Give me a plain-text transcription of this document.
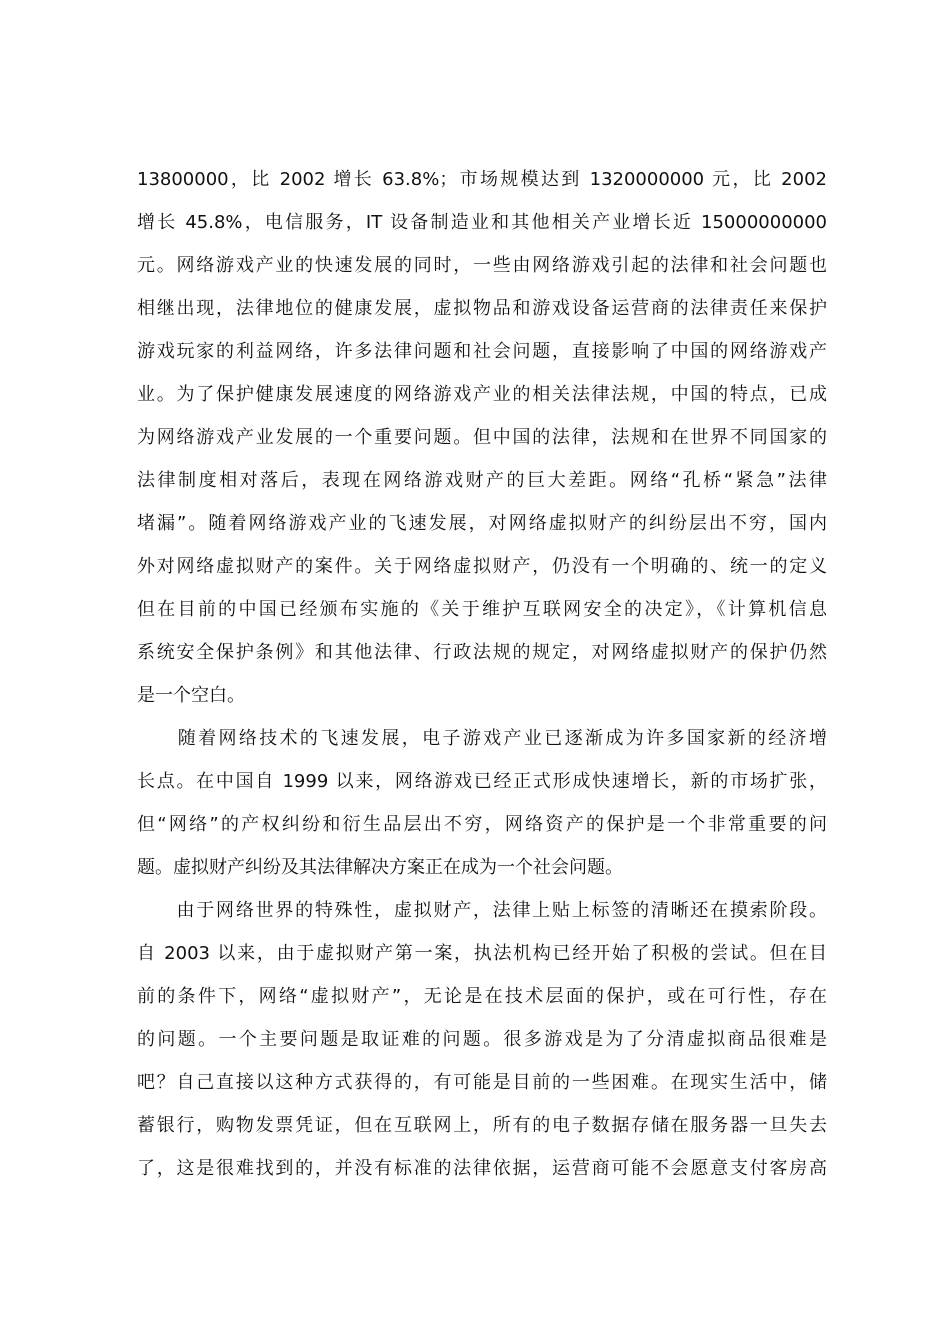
13800000，比 2002 增长 63.8%；市场规模达到 1320000000 元，比 2002
增长 45.8%，电信服务，IT 设备制造业和其他相关产业增长近 15000000000
元。网络游戏产业的快速发展的同时，一些由网络游戏引起的法律和社会问题也
相继出现，法律地位的健康发展，虚拟物品和游戏设备运营商的法律责任来保护
游戏玩家的利益网络，许多法律问题和社会问题，直接影响了中国的网络游戏产
业。为了保护健康发展速度的网络游戏产业的相关法律法规，中国的特点，已成
为网络游戏产业发展的一个重要问题。但中国的法律，法规和在世界不同国家的
法律制度相对落后，表现在网络游戏财产的巨大差距。网络“孔桥“紧急”法律
堵漏”。随着网络游戏产业的飞速发展，对网络虚拟财产的纠纷层出不穷，国内
外对网络虚拟财产的案件。关于网络虚拟财产，仍没有一个明确的、统一的定义
但在目前的中国已经颁布实施的《关于维护互联网安全的决定》，《计算机信息
系统安全保护条例》和其他法律、行政法规的规定，对网络虚拟财产的保护仍然
是一个空白。
　　随着网络技术的飞速发展，电子游戏产业已逐渐成为许多国家新的经济增
长点。在中国自 1999 以来，网络游戏已经正式形成快速增长，新的市场扩张，
但“网络”的产权纠纷和衍生品层出不穷，网络资产的保护是一个非常重要的问
题。虚拟财产纠纷及其法律解决方案正在成为一个社会问题。
　　由于网络世界的特殊性，虚拟财产，法律上贴上标签的清晰还在摸索阶段。
自 2003 以来，由于虚拟财产第一案，执法机构已经开始了积极的尝试。但在目
前的条件下，网络“虚拟财产”，无论是在技术层面的保护，或在可行性，存在
的问题。一个主要问题是取证难的问题。很多游戏是为了分清虚拟商品很难是
吧？自己直接以这种方式获得的，有可能是目前的一些困难。在现实生活中，储
蓄银行，购物发票凭证，但在互联网上，所有的电子数据存储在服务器一旦失去
了，这是很难找到的，并没有标准的法律依据，运营商可能不会愿意支付客房高
